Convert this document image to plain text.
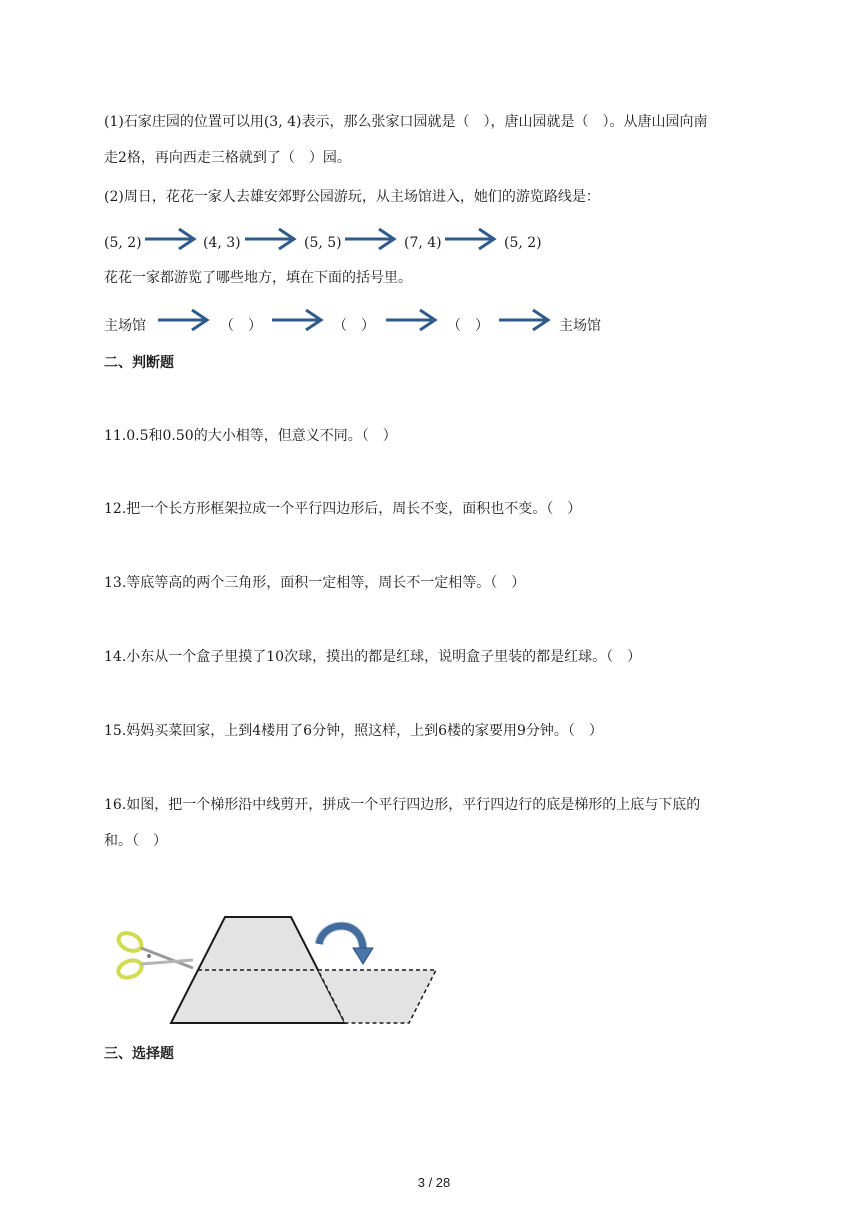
(1)石家庄园的位置可以用(3, 4)表示，那么张家口园就是（　），唐山园就是（　）。从唐山园向南
走2格，再向西走三格就到了（　）园。
(2)周日，花花一家人去雄安郊野公园游玩，从主场馆进入，她们的游览路线是：
(5, 2)	(4, 3)	(5, 5)	(7, 4)	(5, 2)
花花一家都游览了哪些地方，填在下面的括号里。
主场馆	（　）	（　）	（　）	主场馆
二、判断题
11.0.5和0.50的大小相等，但意义不同。（　）
12.把一个长方形框架拉成一个平行四边形后，周长不变，面积也不变。（　）
13.等底等高的两个三角形，面积一定相等，周长不一定相等。（　）
14.小东从一个盒子里摸了10次球，摸出的都是红球，说明盒子里装的都是红球。（　）
15.妈妈买菜回家，上到4楼用了6分钟，照这样，上到6楼的家要用9分钟。（　）
16.如图，把一个梯形沿中线剪开，拼成一个平行四边形，平行四边行的底是梯形的上底与下底的
和。（　）
三、选择题
3 / 28
